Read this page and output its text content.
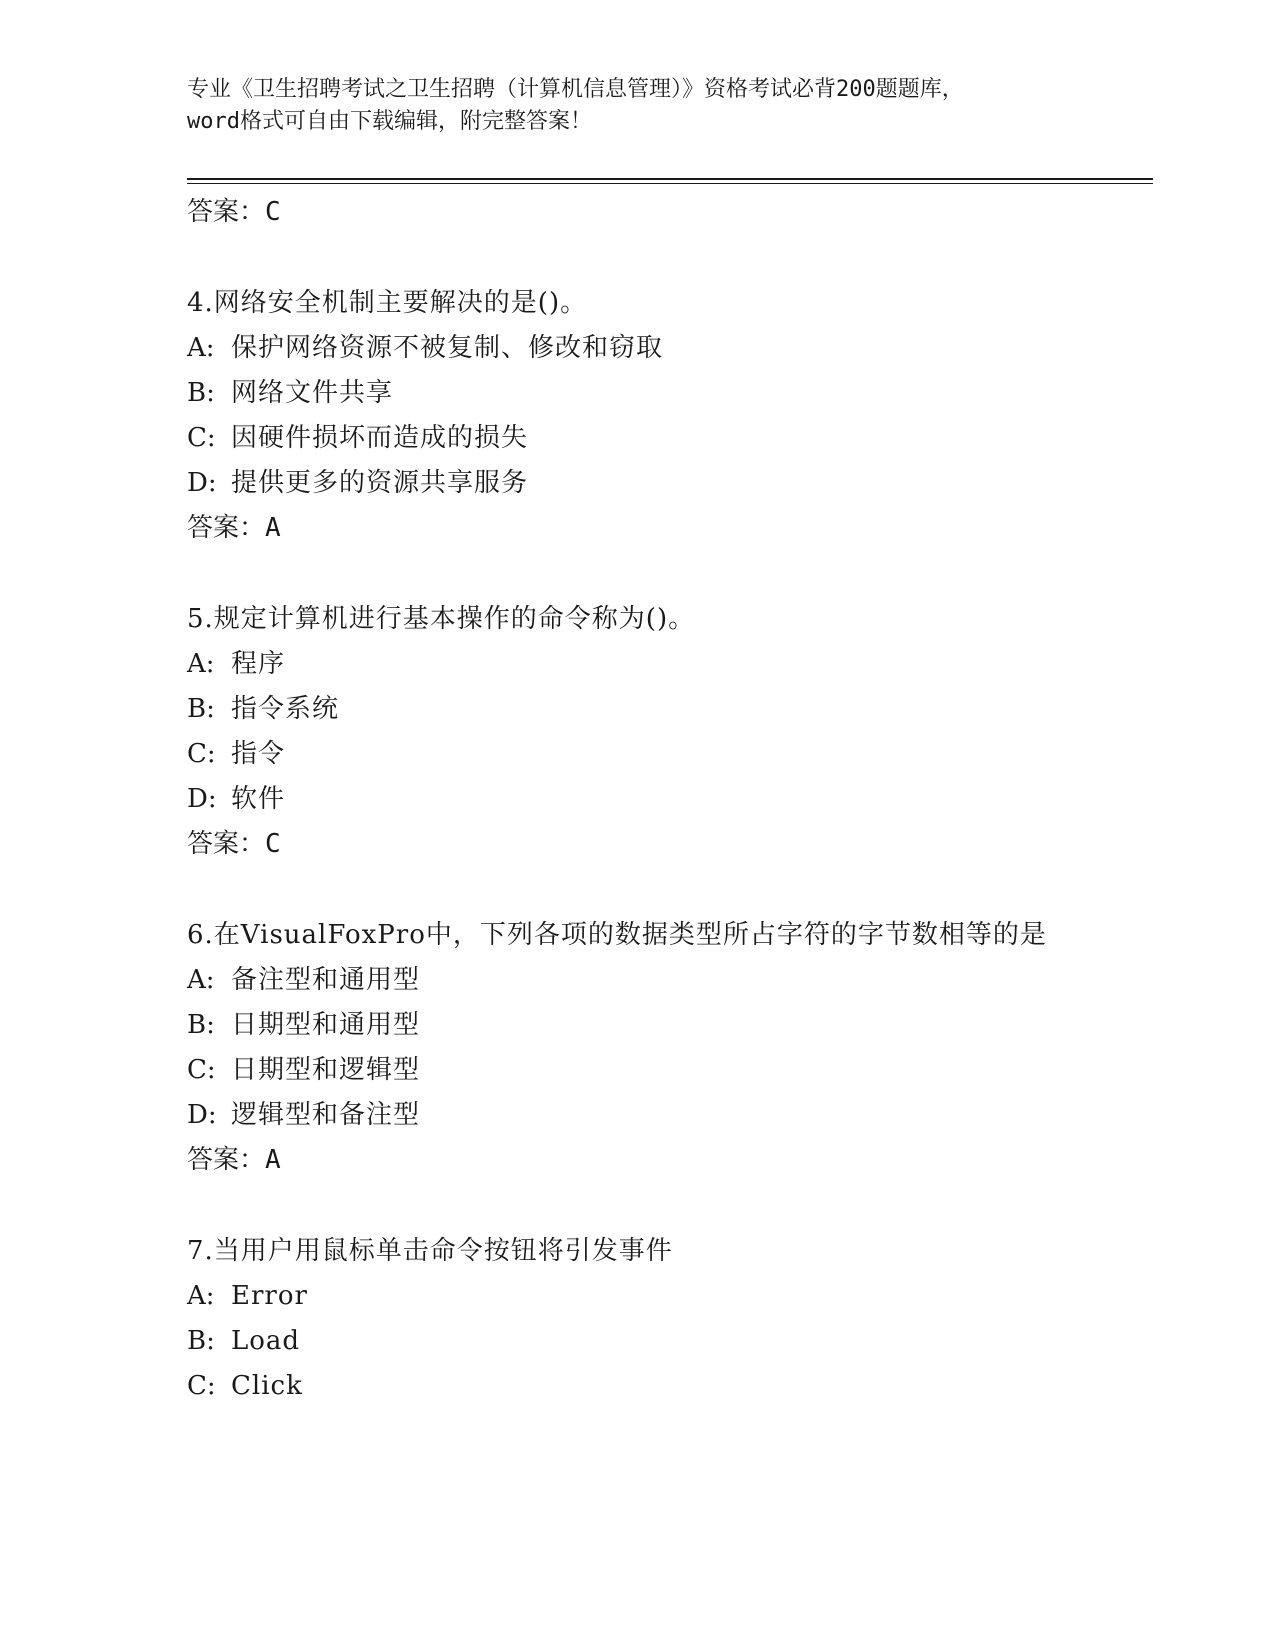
专业《卫生招聘考试之卫生招聘（计算机信息管理）》资格考试必背200题题库，
word格式可自由下载编辑，附完整答案！
答案：C
4.网络安全机制主要解决的是()。
A: 保护网络资源不被复制、修改和窃取
B: 网络文件共享
C: 因硬件损坏而造成的损失
D: 提供更多的资源共享服务
答案：A
5.规定计算机进行基本操作的命令称为()。
A: 程序
B: 指令系统
C: 指令
D: 软件
答案：C
6.在VisualFoxPro中，下列各项的数据类型所占字符的字节数相等的是
A: 备注型和通用型
B: 日期型和通用型
C: 日期型和逻辑型
D: 逻辑型和备注型
答案：A
7.当用户用鼠标单击命令按钮将引发事件
A: Error
B: Load
C: Click
